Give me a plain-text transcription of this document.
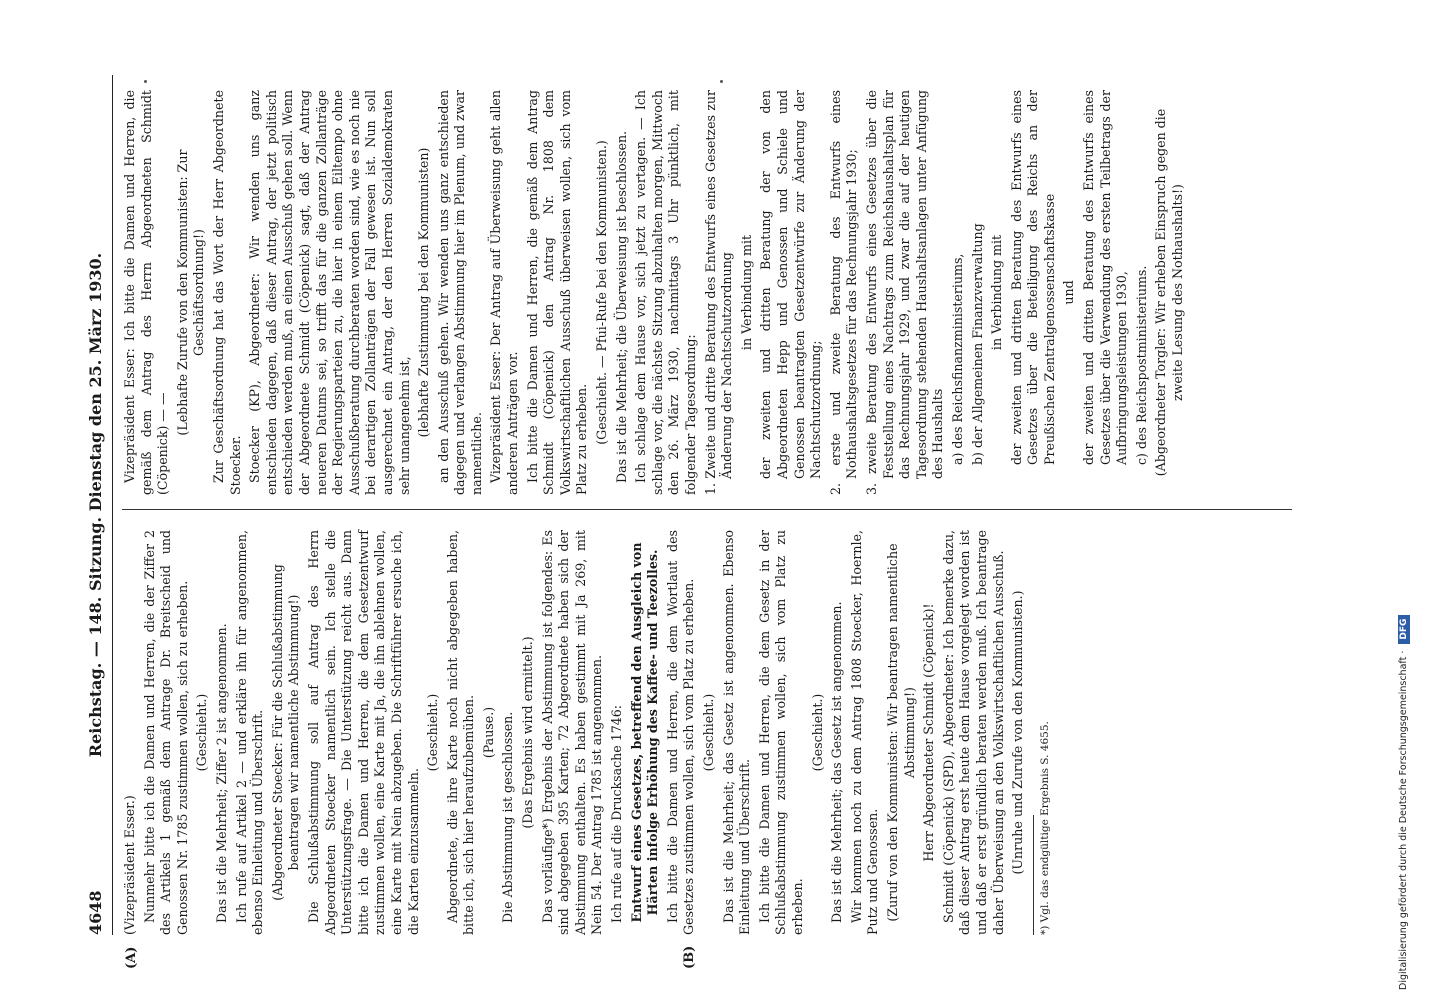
4648
Reichstag. — 148. Sitzung. Dienstag den 25. März 1930.
(A)	(B)

(Vizepräsident Esser.) Nunmehr bitte ich die Damen und Herren, die der Ziffer 2 des Artikels 1 gemäß dem Antrage Dr. Breitscheid und Genossen Nr. 1785 zustimmen wollen, sich zu erheben. (Geschieht.) Das ist die Mehrheit; Ziffer 2 ist angenommen. Ich rufe auf Artikel 2 — und erkläre ihn für angenommen, ebenso Einleitung und Überschrift. (Abgeordneter Stoecker: Für die Schlußabstimmung beantragen wir namentliche Abstimmung!) Die Schlußabstimmung soll auf Antrag des Herrn Abgeordneten Stoecker namentlich sein. Ich stelle die Unterstützungsfrage. — Die Unterstützung reicht aus. Dann bitte ich die Damen und Herren, die dem Gesetzentwurf zustimmen wollen, eine Karte mit Ja, die ihn ablehnen wollen, eine Karte mit Nein abzugeben. Die Schriftführer ersuche ich, die Karten einzusammeln.

(Geschieht.) Abgeordnete, die ihre Karte noch nicht abgegeben haben, bitte ich, sich hier heraufzubemühen. (Pause.) Die Abstimmung ist geschlossen. (Das Ergebnis wird ermittelt.) Das vorläufige*) Ergebnis der Abstimmung ist folgendes: Es sind abgegeben 395 Karten; 72 Abgeordnete haben sich der Abstimmung enthalten. Es haben gestimmt mit Ja 269, mit Nein 54. Der Antrag 1785 ist angenommen. Ich rufe auf die Drucksache 1746: Entwurf eines Gesetzes, betreffend den Ausgleich von Härten infolge Erhöhung des Kaffee- und Teezolles. Ich bitte die Damen und Herren, die dem Wortlaut des Gesetzes zustimmen wollen, sich vom Platz zu erheben. (Geschieht.) Das ist die Mehrheit; das Gesetz ist angenommen. Ebenso Einleitung und Überschrift. Ich bitte die Damen und Herren, die dem Gesetz in der Schlußabstimmung zustimmen wollen, sich vom Platz zu erheben.

(Geschieht.) Das ist die Mehrheit; das Gesetz ist angenommen. Wir kommen noch zu dem Antrag 1808 Stoecker, Hoernle, Putz und Genossen. (Zuruf von den Kommunisten: Wir beantragen namentliche Abstimmung!) Herr Abgeordneter Schmidt (Cöpenick)! Schmidt (Cöpenick) (SPD), Abgeordneter: Ich bemerke dazu, daß dieser Antrag erst heute dem Hause vorgelegt worden ist und daß er erst gründlich beraten werden muß. Ich beantrage daher Überweisung an den Volkswirtschaftlichen Ausschuß. (Unruhe und Zurufe von den Kommunisten.) *) Vgl. das endgültige Ergebnis S. 4655.

Vizepräsident Esser: Ich bitte die Damen und Herren, die gemäß dem Antrag des Herrn Abgeordneten Schmidt (Cöpenick) — —

(Lebhafte Zurufe von den Kommunisten: Zur Geschäftsordnung!) Zur Geschäftsordnung hat das Wort der Herr Abgeordnete Stoecker. Stoecker (KP), Abgeordneter: Wir wenden uns ganz entschieden dagegen, daß dieser Antrag, der jetzt politisch entschieden werden muß, an einen Ausschuß gehen soll. Wenn der Abgeordnete Schmidt (Cöpenick) sagt, daß der Antrag neueren Datums sei, so trifft das für die ganzen Zollanträge der Regierungsparteien zu, die hier in einem Eiltempo ohne Ausschußberatung durchberaten worden sind, wie es noch nie bei derartigen Zollanträgen der Fall gewesen ist. Nun soll ausgerechnet ein Antrag, der den Herren Sozialdemokraten sehr unangenehm ist, (lebhafte Zustimmung bei den Kommunisten) an den Ausschuß gehen. Wir wenden uns ganz entschieden dagegen und verlangen Abstimmung hier im Plenum, und zwar namentliche. Vizepräsident Esser: Der Antrag auf Überweisung geht allen anderen Anträgen vor. Ich bitte die Damen und Herren, die gemäß dem Antrag Schmidt (Cöpenick) den Antrag Nr. 1808 dem Volkswirtschaftlichen Ausschuß überweisen wollen, sich vom Platz zu erheben. (Geschieht. — Pfui-Rufe bei den Kommunisten.) Das ist die Mehrheit; die Überweisung ist beschlossen. Ich schlage dem Hause vor, sich jetzt zu vertagen. — Ich schlage vor, die nächste Sitzung abzuhalten morgen, Mittwoch den 26. März 1930, nachmittags 3 Uhr pünktlich, mit folgender Tagesordnung: 1. Zweite und dritte Beratung des Entwurfs eines Gesetzes zur Änderung der Nachtschutzordnung in Verbindung mit der zweiten und dritten Beratung der von den Abgeordneten Hepp und Genossen und Schiele und Genossen beantragten Gesetzentwürfe zur Änderung der Nachtschutzordnung; 2. erste und zweite Beratung des Entwurfs eines Nothaushaltsgesetzes für das Rechnungsjahr 1930; 3. zweite Beratung des Entwurfs eines Gesetzes über die Feststellung eines Nachtrags zum Reichshaushaltsplan für das Rechnungsjahr 1929, und zwar die auf der heutigen Tagesordnung stehenden Haushaltsanlagen unter Anfügung des Haushalts a) des Reichsfinanzministeriums, b) der Allgemeinen Finanzverwaltung in Verbindung mit der zweiten und dritten Beratung des Entwurfs eines Gesetzes über die Beteiligung des Reichs an der Preußischen Zentralgenossenschaftskasse und der zweiten und dritten Beratung des Entwurfs eines Gesetzes über die Verwendung des ersten Teilbetrags der Aufbringungsleistungen 1930, c) des Reichspostministeriums. (Abgeordneter Torgler: Wir erheben Einspruch gegen die zweite Lesung des Nothaushalts!)

Digitalisierung gefördert durch die Deutsche Forschungsgemeinschaft · DFG
